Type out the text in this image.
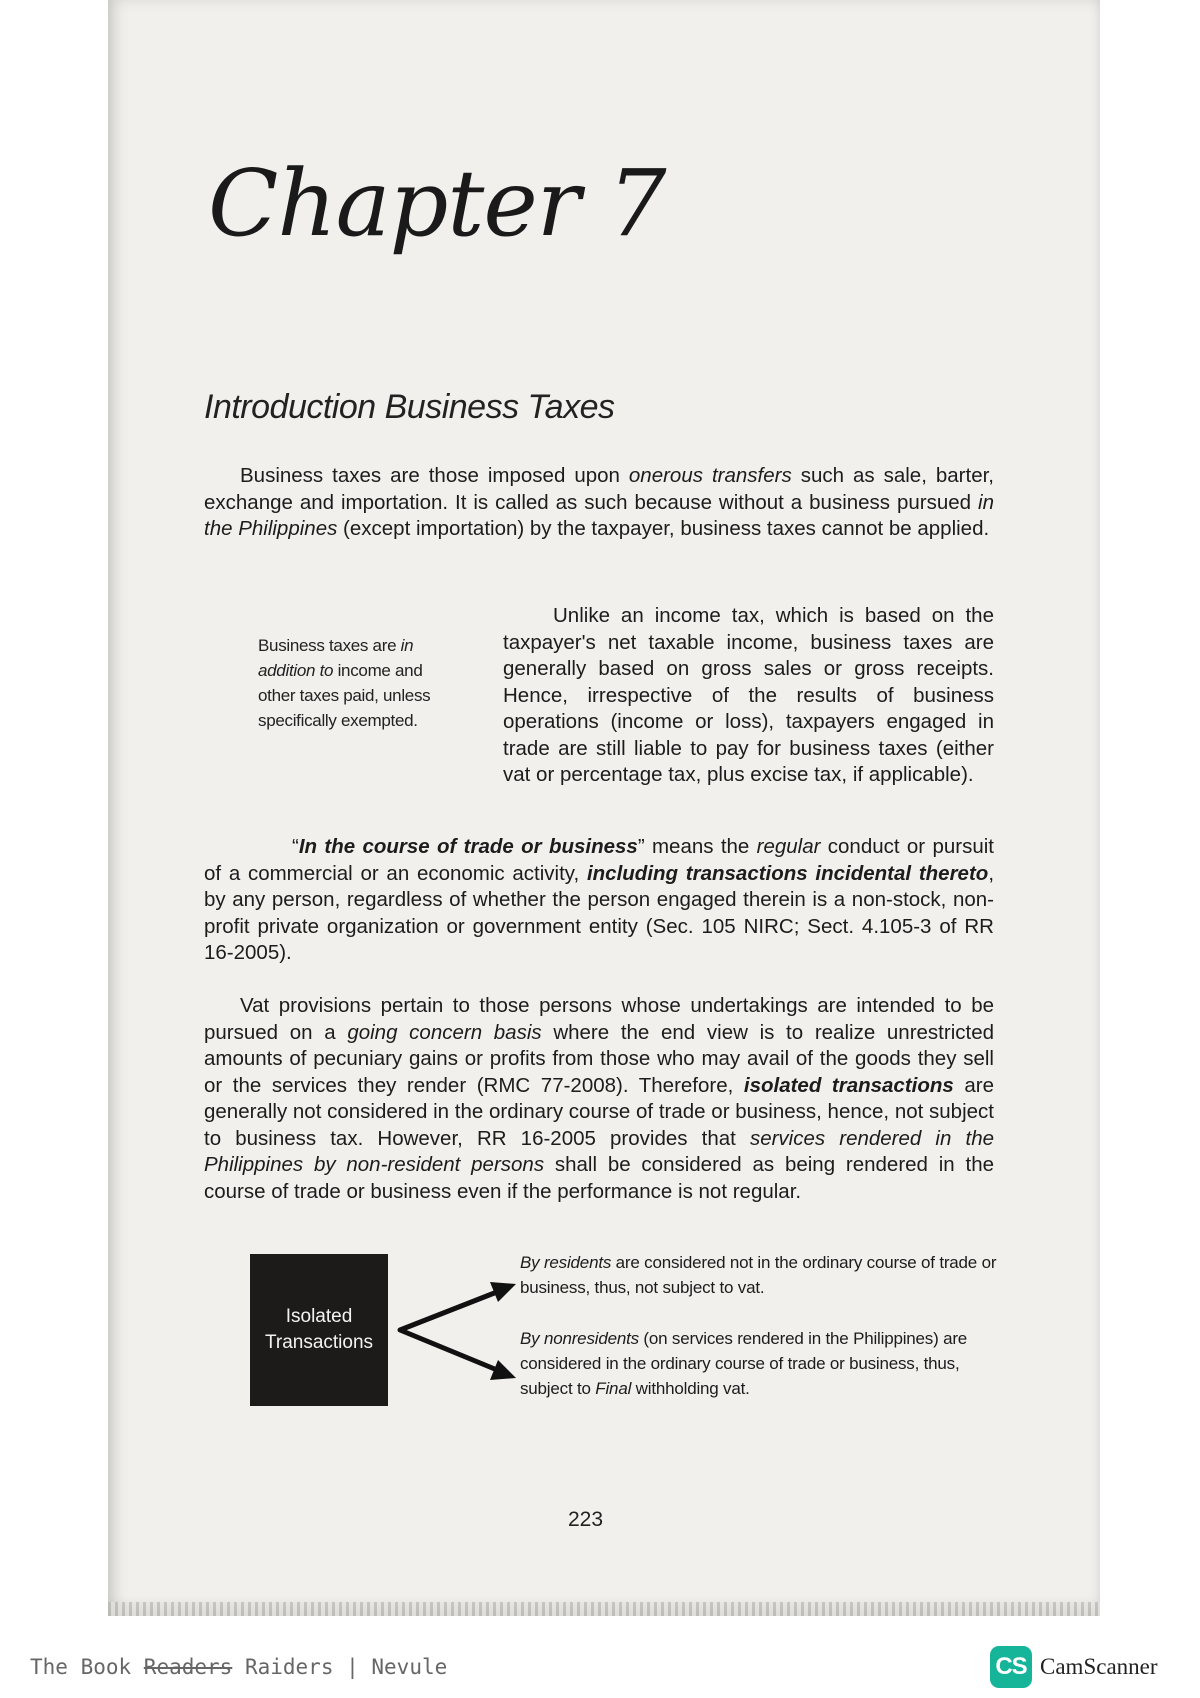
Chapter 7
Introduction Business Taxes

Business taxes are those imposed upon onerous transfers such as sale, barter, exchange and importation. It is called as such because without a business pursued in the Philippines (except importation) by the taxpayer, business taxes cannot be applied.

Business taxes are in addition to income and other taxes paid, unless specifically exempted.

Unlike an income tax, which is based on the taxpayer's net taxable income, business taxes are generally based on gross sales or gross receipts. Hence, irrespective of the results of business operations (income or loss), taxpayers engaged in trade are still liable to pay for business taxes (either vat or percentage tax, plus excise tax, if applicable).

“In the course of trade or business” means the regular conduct or pursuit of a commercial or an economic activity, including transactions incidental thereto, by any person, regardless of whether the person engaged therein is a non-stock, non-profit private organization or government entity (Sec. 105 NIRC; Sect. 4.105-3 of RR 16-2005).

Vat provisions pertain to those persons whose undertakings are intended to be pursued on a going concern basis where the end view is to realize unrestricted amounts of pecuniary gains or profits from those who may avail of the goods they sell or the services they render (RMC 77-2008). Therefore, isolated transactions are generally not considered in the ordinary course of trade or business, hence, not subject to business tax. However, RR 16-2005 provides that services rendered in the Philippines by non-resident persons shall be considered as being rendered in the course of trade or business even if the performance is not regular.

Isolated
Transactions

By residents are considered not in the ordinary course of trade or business, thus, not subject to vat.

By nonresidents (on services rendered in the Philippines) are considered in the ordinary course of trade or business, thus, subject to Final withholding vat.

223

The Book Readers Raiders | Nevule	CS CamScanner
